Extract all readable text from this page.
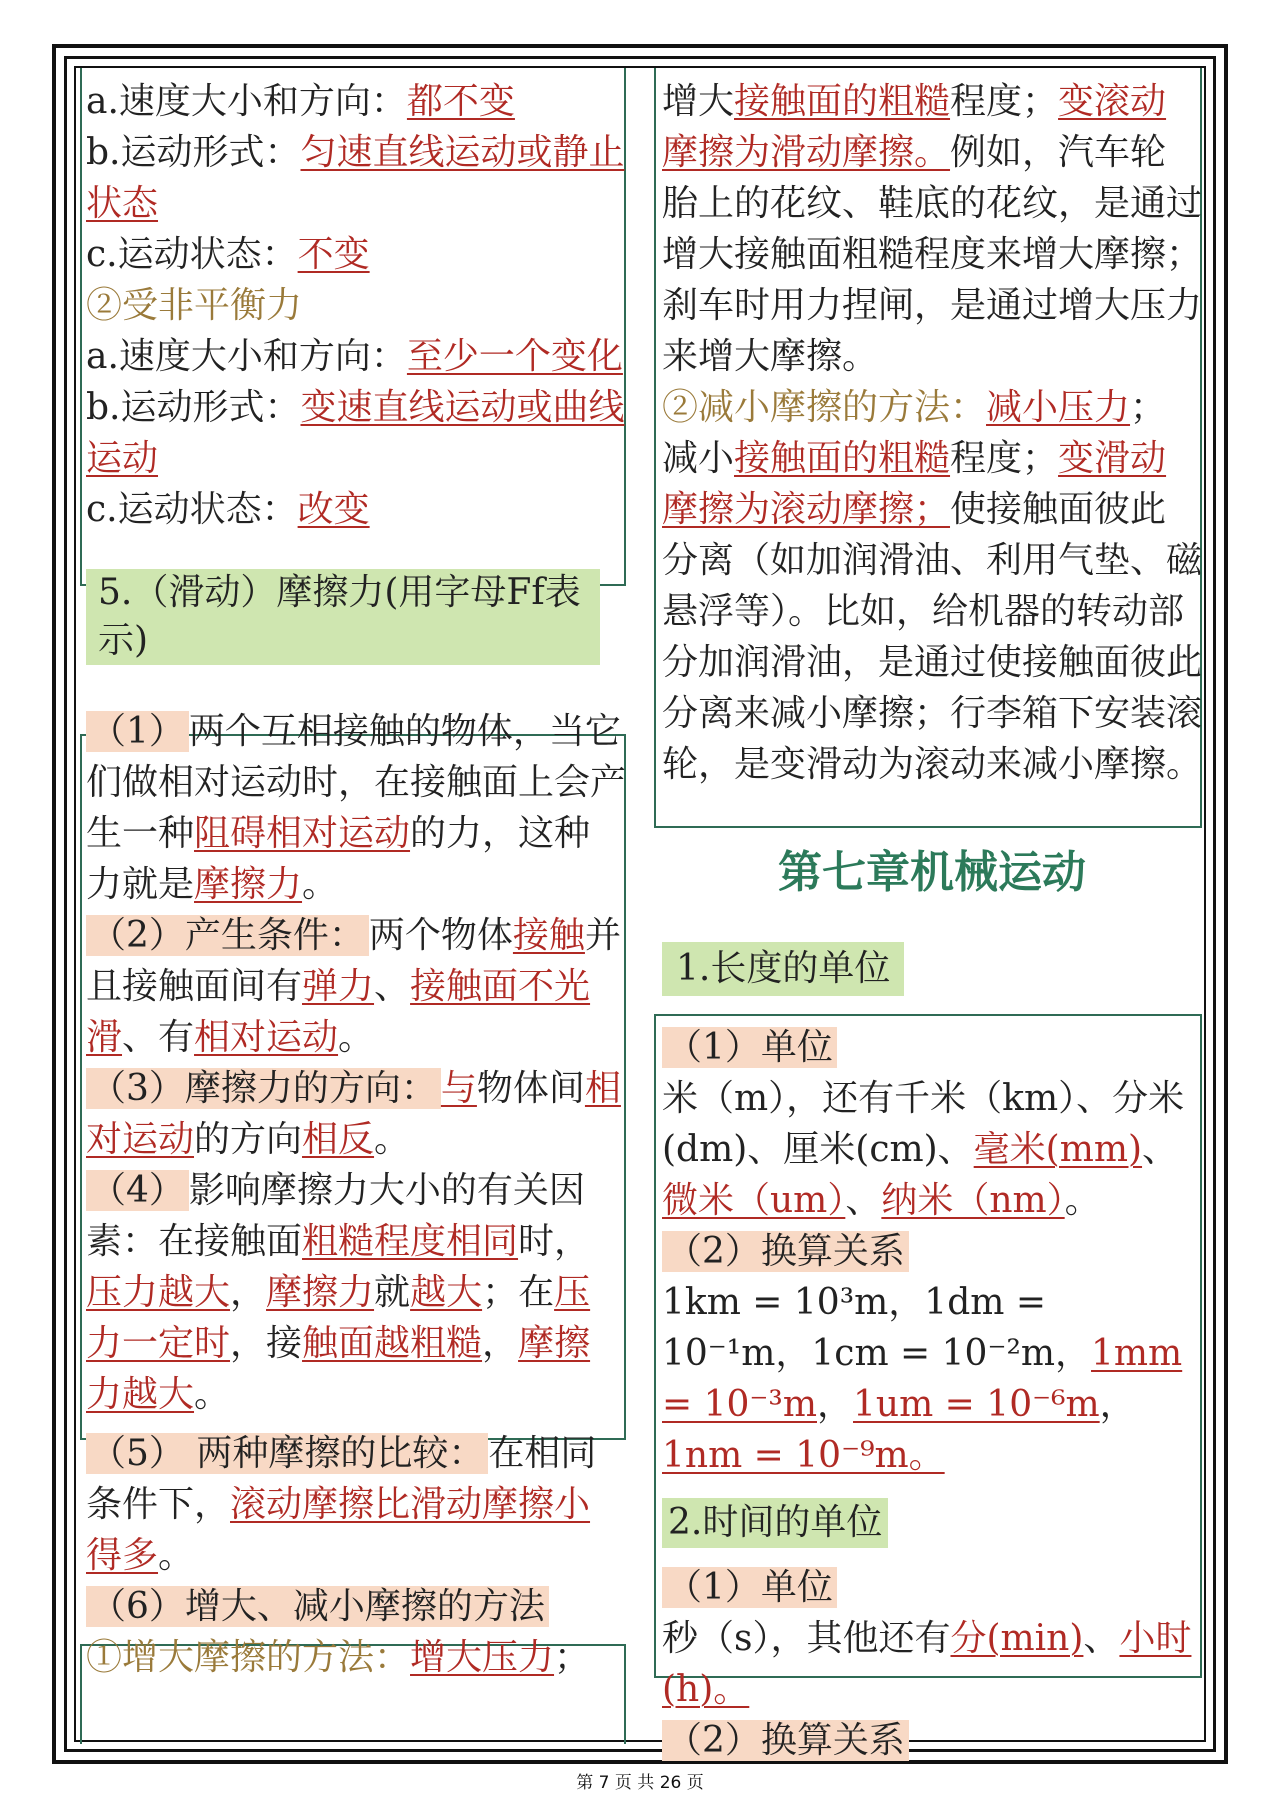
a.速度大小和方向：都不变
b.运动形式：匀速直线运动或静止状态
c.运动状态：不变
②受非平衡力
a.速度大小和方向：至少一个变化
b.运动形式：变速直线运动或曲线运动
c.运动状态：改变
5.（滑动）摩擦力(用字母Ff表示)
（1） 两个互相接触的物体，当它们做相对运动时，在接触面上会产生一种阻碍相对运动的力，这种力就是摩擦力。
（2）产生条件： 两个物体接触并且接触面间有弹力、接触面不光滑、有相对运动。
（3）摩擦力的方向： 与物体间相对运动的方向相反。
（4） 影响摩擦力大小的有关因素：在接触面粗糙程度相同时，压力越大，摩擦力就越大；在压力一定时，接触面越粗糙，摩擦力越大。
（5） 两种摩擦的比较： 在相同条件下，滚动摩擦比滑动摩擦小得多。
（6）增大、减小摩擦的方法
①增大摩擦的方法：增大压力；
增大接触面的粗糙程度；变滚动摩擦为滑动摩擦。例如，汽车轮胎上的花纹、鞋底的花纹，是通过增大接触面粗糙程度来增大摩擦；刹车时用力捏闸，是通过增大压力来增大摩擦。
②减小摩擦的方法：减小压力；
减小接触面的粗糙程度；变滑动摩擦为滚动摩擦；使接触面彼此分离（如加润滑油、利用气垫、磁悬浮等）。比如，给机器的转动部分加润滑油，是通过使接触面彼此分离来减小摩擦；行李箱下安装滚轮，是变滑动为滚动来减小摩擦。
第七章机械运动
1.长度的单位
（1）单位
米（m），还有千米（km）、分米(dm)、厘米(cm)、毫米(mm)、微米（um）、纳米（nm）。
（2）换算关系
1km = 10³m，1dm = 10⁻¹m，1cm = 10⁻²m，1mm = 10⁻³m，1um = 10⁻⁶m，1nm = 10⁻⁹m。
2.时间的单位
（1）单位
秒（s），其他还有分(min)、小时(h)。
（2）换算关系
第 7 页 共 26 页
